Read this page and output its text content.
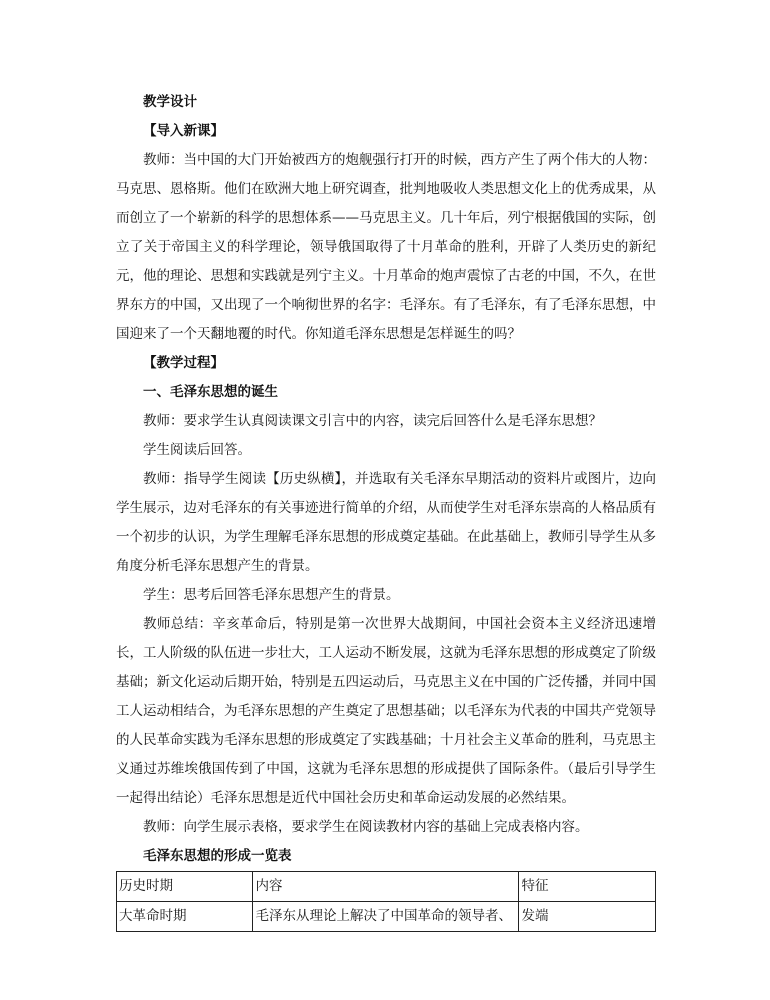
教学设计

【导入新课】

教师：当中国的大门开始被西方的炮舰强行打开的时候，西方产生了两个伟大的人物：马克思、恩格斯。他们在欧洲大地上研究调查，批判地吸收人类思想文化上的优秀成果，从而创立了一个崭新的科学的思想体系——马克思主义。几十年后，列宁根据俄国的实际，创立了关于帝国主义的科学理论，领导俄国取得了十月革命的胜利，开辟了人类历史的新纪元，他的理论、思想和实践就是列宁主义。十月革命的炮声震惊了古老的中国，不久，在世界东方的中国，又出现了一个响彻世界的名字：毛泽东。有了毛泽东，有了毛泽东思想，中国迎来了一个天翻地覆的时代。你知道毛泽东思想是怎样诞生的吗？

【教学过程】

一、毛泽东思想的诞生

教师：要求学生认真阅读课文引言中的内容，读完后回答什么是毛泽东思想？

学生阅读后回答。

教师：指导学生阅读【历史纵横】，并选取有关毛泽东早期活动的资料片或图片，边向学生展示，边对毛泽东的有关事迹进行简单的介绍，从而使学生对毛泽东崇高的人格品质有一个初步的认识，为学生理解毛泽东思想的形成奠定基础。在此基础上，教师引导学生从多角度分析毛泽东思想产生的背景。

学生：思考后回答毛泽东思想产生的背景。

教师总结：辛亥革命后，特别是第一次世界大战期间，中国社会资本主义经济迅速增长，工人阶级的队伍进一步壮大，工人运动不断发展，这就为毛泽东思想的形成奠定了阶级基础；新文化运动后期开始，特别是五四运动后，马克思主义在中国的广泛传播，并同中国工人运动相结合，为毛泽东思想的产生奠定了思想基础；以毛泽东为代表的中国共产党领导的人民革命实践为毛泽东思想的形成奠定了实践基础；十月社会主义革命的胜利，马克思主义通过苏维埃俄国传到了中国，这就为毛泽东思想的形成提供了国际条件。（最后引导学生一起得出结论）毛泽东思想是近代中国社会历史和革命运动发展的必然结果。

教师：向学生展示表格，要求学生在阅读教材内容的基础上完成表格内容。

毛泽东思想的形成一览表

历史时期	内容	特征
大革命时期	毛泽东从理论上解决了中国革命的领导者、	发端
